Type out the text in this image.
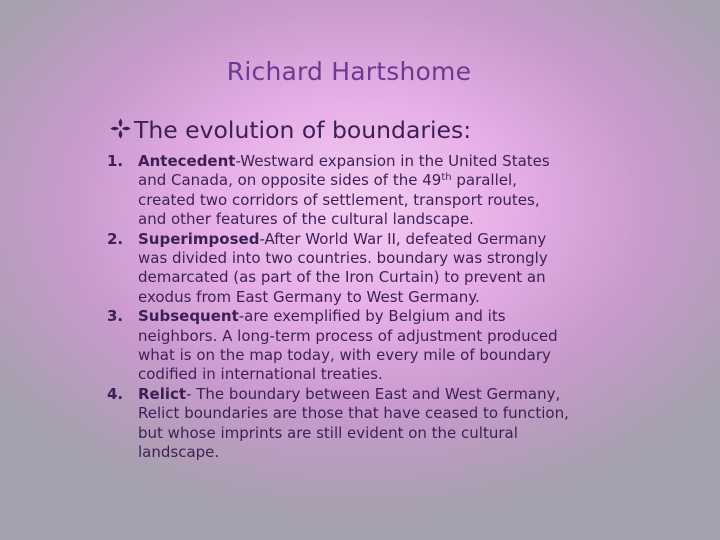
Richard Hartshome
The evolution of boundaries:
1. Antecedent-Westward expansion in the United States
and Canada, on opposite sides of the 49th parallel,
created two corridors of settlement, transport routes,
and other features of the cultural landscape.
2. Superimposed-After World War II, defeated Germany
was divided into two countries. boundary was strongly
demarcated (as part of the Iron Curtain) to prevent an
exodus from East Germany to West Germany.
3. Subsequent-are exemplified by Belgium and its
neighbors. A long-term process of adjustment produced
what is on the map today, with every mile of boundary
codified in international treaties.
4. Relict- The boundary between East and West Germany,
Relict boundaries are those that have ceased to function,
but whose imprints are still evident on the cultural
landscape.
